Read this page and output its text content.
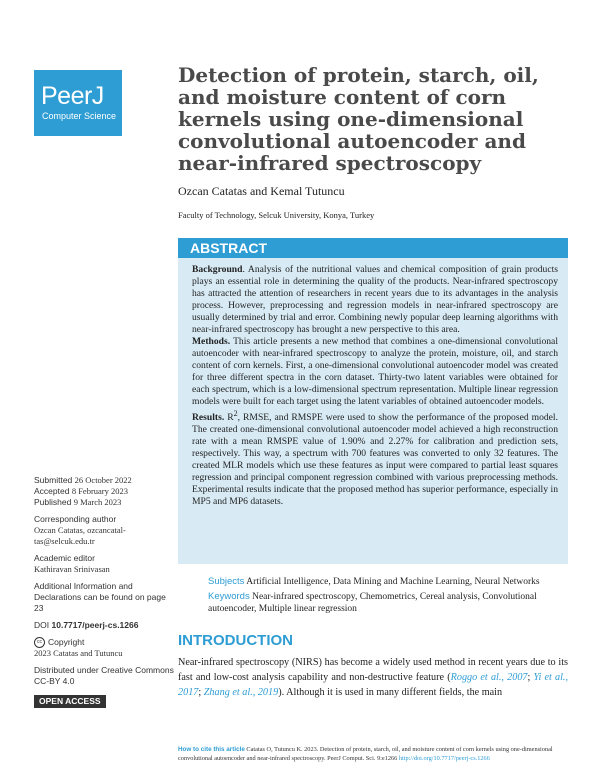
PeerJ
Computer Science
Detection of protein, starch, oil, and moisture content of corn kernels using one-dimensional convolutional autoencoder and near-infrared spectroscopy
Ozcan Catatas and Kemal Tutuncu
Faculty of Technology, Selcuk University, Konya, Turkey
ABSTRACT

Background. Analysis of the nutritional values and chemical composition of grain products plays an essential role in determining the quality of the products. Near-infrared spectroscopy has attracted the attention of researchers in recent years due to its advantages in the analysis process. However, preprocessing and regression models in near-infrared spectroscopy are usually determined by trial and error. Combining newly popular deep learning algorithms with near-infrared spectroscopy has brought a new perspective to this area.

Methods. This article presents a new method that combines a one-dimensional convolutional autoencoder with near-infrared spectroscopy to analyze the protein, moisture, oil, and starch content of corn kernels. First, a one-dimensional convolutional autoencoder model was created for three different spectra in the corn dataset. Thirty-two latent variables were obtained for each spectrum, which is a low-dimensional spectrum representation. Multiple linear regression models were built for each target using the latent variables of obtained autoencoder models.

Results. $R^2$, RMSE, and RMSPE were used to show the performance of the proposed model. The created one-dimensional convolutional autoencoder model achieved a high reconstruction rate with a mean RMSPE value of 1.90% and 2.27% for calibration and prediction sets, respectively. This way, a spectrum with 700 features was converted to only 32 features. The created MLR models which use these features as input were compared to partial least squares regression and principal component regression combined with various preprocessing methods. Experimental results indicate that the proposed method has superior performance, especially in MP5 and MP6 datasets.

Subjects Artificial Intelligence, Data Mining and Machine Learning, Neural Networks
Keywords Near-infrared spectroscopy, Chemometrics, Cereal analysis, Convolutional autoencoder, Multiple linear regression
Submitted 26 October 2022
Accepted 8 February 2023
Published 9 March 2023
Corresponding author
Ozcan Catatas, ozcancatal-
tas@selcuk.edu.tr
Academic editor
Kathiravan Srinivasan
Additional Information and Declarations can be found on page 23
DOI 10.7717/peerj-cs.1266
cc Copyright
2023 Catatas and Tutuncu
Distributed under Creative Commons CC-BY 4.0
OPEN ACCESS
INTRODUCTION

Near-infrared spectroscopy (NIRS) has become a widely used method in recent years due to its fast and low-cost analysis capability and non-destructive feature (Roggo et al., 2007; Yi et al., 2017; Zhang et al., 2019). Although it is used in many different fields, the main

How to cite this article Catatas O, Tutuncu K. 2023. Detection of protein, starch, oil, and moisture content of corn kernels using one-dimensional convolutional autoencoder and near-infrared spectroscopy. PeerJ Comput. Sci. 9:e1266 http://doi.org/10.7717/peerj-cs.1266
